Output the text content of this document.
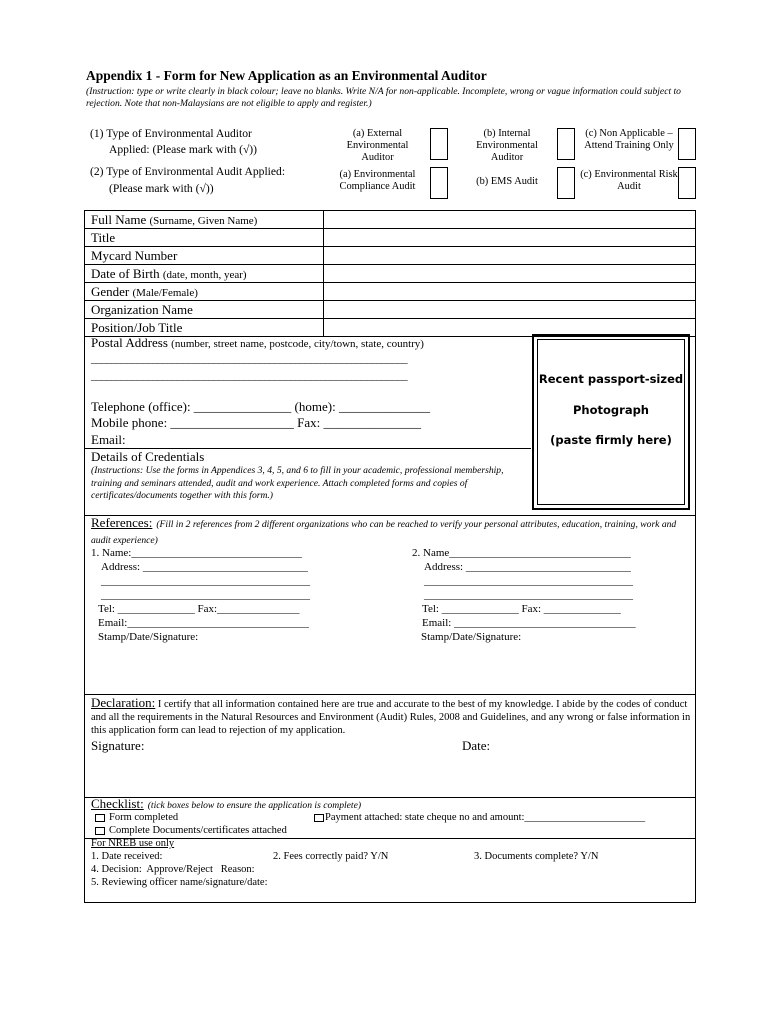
Appendix 1 - Form for New Application as an Environmental Auditor
(Instruction: type or write clearly in black colour; leave no blanks. Write N/A for non-applicable. Incomplete, wrong or vague information could subject to rejection. Note that non-Malaysians are not eligible to apply and register.)
(1) Type of Environmental Auditor
Applied: (Please mark with (√))
(a) External Environmental Auditor
(b) Internal Environmental Auditor
(c) Non Applicable – Attend Training Only
(2) Type of Environmental Audit Applied:
(Please mark with (√))
(a) Environmental Compliance Audit	(b) EMS Audit
(c) Environmental Risk Audit
Full Name (Surname, Given Name)
Title
Mycard Number
Date of Birth (date, month, year)
Gender (Male/Female)
Organization Name
Position/Job Title
Postal Address (number, street name, postcode, city/town, state, country)
______________________________________________________________
______________________________________________________________
Telephone (office): _______________ (home): ______________
Mobile phone: ___________________ Fax: _______________
Email:
Recent passport-sized
Photograph
(paste firmly here)
Details of Credentials
(Instructions: Use the forms in Appendices 3, 4, 5, and 6 to fill in your academic, professional membership, training and seminars attended, audit and work experience. Attach completed forms and copies of certificates/documents together with this form.)
References: (Fill in 2 references from 2 different organizations who can be reached to verify your personal attributes, education, training, work and audit experience)
1. Name:_______________________________
Address: ______________________________
______________________________________
______________________________________
Tel: ______________ Fax:_______________
Email:_________________________________
Stamp/Date/Signature:
2. Name_________________________________
Address: ______________________________
______________________________________
______________________________________
Tel: ______________ Fax: ______________
Email: _________________________________
Stamp/Date/Signature:
Declaration: I certify that all information contained here are true and accurate to the best of my knowledge. I abide by the codes of conduct and all the requirements in the Natural Resources and Environment (Audit) Rules, 2008 and Guidelines, and any wrong or false information in this application form can lead to rejection of my application.
Signature:	Date:
Checklist: (tick boxes below to ensure the application is complete)
Form completed	Payment attached: state cheque no and amount:_______________________
Complete Documents/certificates attached
For NREB use only
1. Date received:	2. Fees correctly paid? Y/N	3. Documents complete? Y/N
4. Decision:  Approve/Reject   Reason:
5. Reviewing officer name/signature/date:
